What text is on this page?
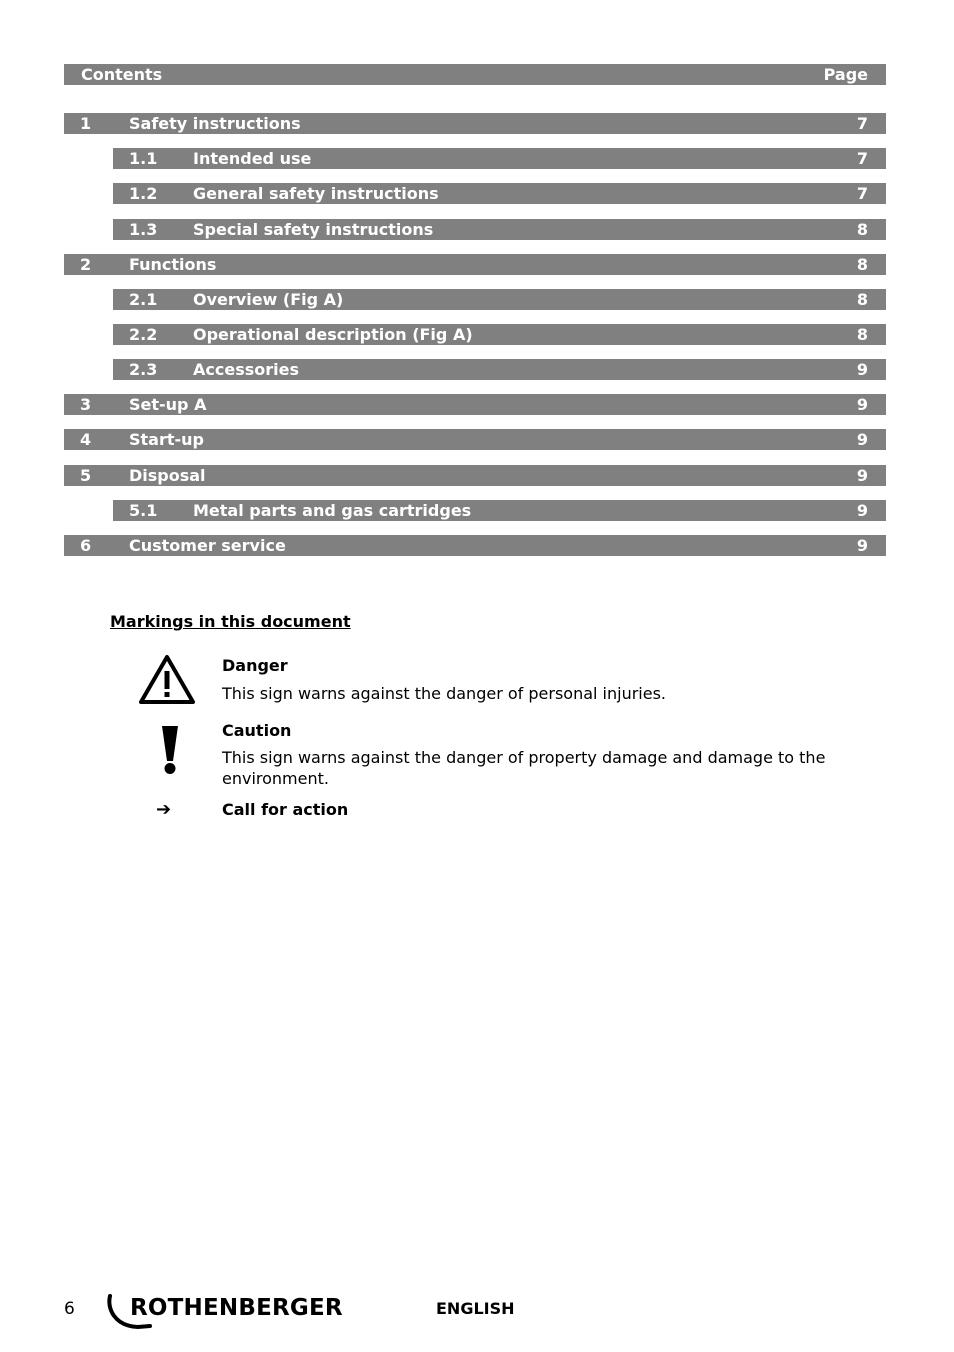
Contents	Page
1 Safety instructions	7
1.1 Intended use	7
1.2 General safety instructions	7
1.3 Special safety instructions	8
2 Functions	8
2.1 Overview (Fig A)	8
2.2 Operational description (Fig A)	8
2.3 Accessories	9
3 Set-up A	9
4 Start-up	9
5 Disposal	9
5.1 Metal parts and gas cartridges	9
6 Customer service	9
Markings in this document
Danger
This sign warns against the danger of personal injuries.
Caution
This sign warns against the danger of property damage and damage to the environment.
➔	Call for action
6 ROTHENBERGER	ENGLISH
